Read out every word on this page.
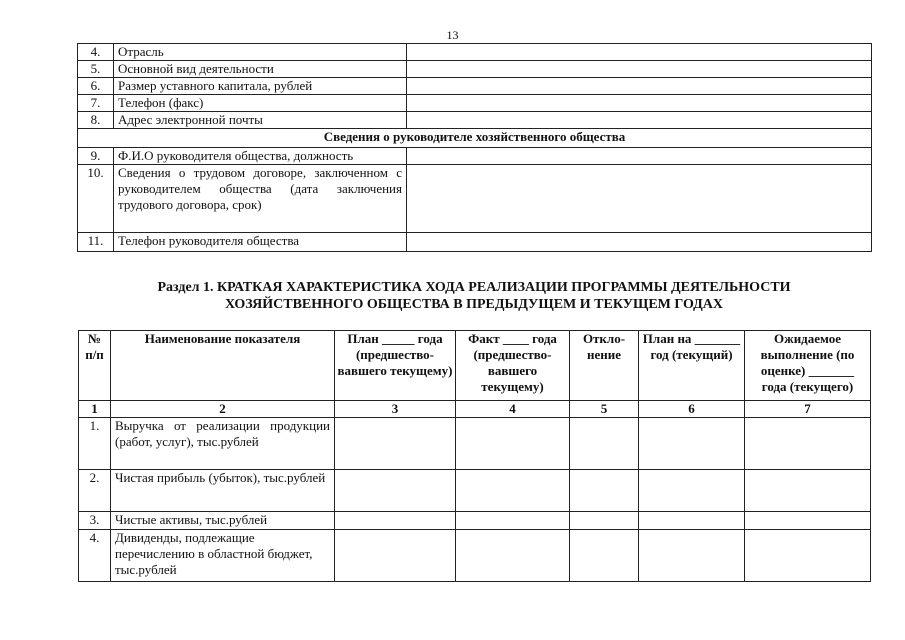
13
4.	Отрасль	
5.	Основной вид деятельности	
6.	Размер уставного капитала, рублей	
7.	Телефон (факс)	
8.	Адрес электронной почты	
Сведения о руководителе хозяйственного общества		
9.	Ф.И.О руководителя общества, должность	
10.	Сведения о трудовом договоре, заключенном с руководителем общества (дата заключения трудового договора, срок)	
11.	Телефон руководителя общества	
Раздел 1. КРАТКАЯ ХАРАКТЕРИСТИКА ХОДА РЕАЛИЗАЦИИ ПРОГРАММЫ ДЕЯТЕЛЬНОСТИ
ХОЗЯЙСТВЕННОГО ОБЩЕСТВА В ПРЕДЫДУЩЕМ И ТЕКУЩЕМ ГОДАХ
№ п/п	Наименование показателя	План _____ года (предшество-вавшего текущему)	Факт ____ года (предшество-вавшего текущему)	Откло-нение	План на _______ год (текущий)	Ожидаемое выполнение (по оценке) _______ года (текущего)
1	2	3	4	5	6	7
1.	Выручка от реализации продукции (работ, услуг), тыс.рублей					
2.	Чистая прибыль (убыток), тыс.рублей					
3.	Чистые активы, тыс.рублей					
4.	Дивиденды, подлежащие перечислению в областной бюджет, тыс.рублей					
